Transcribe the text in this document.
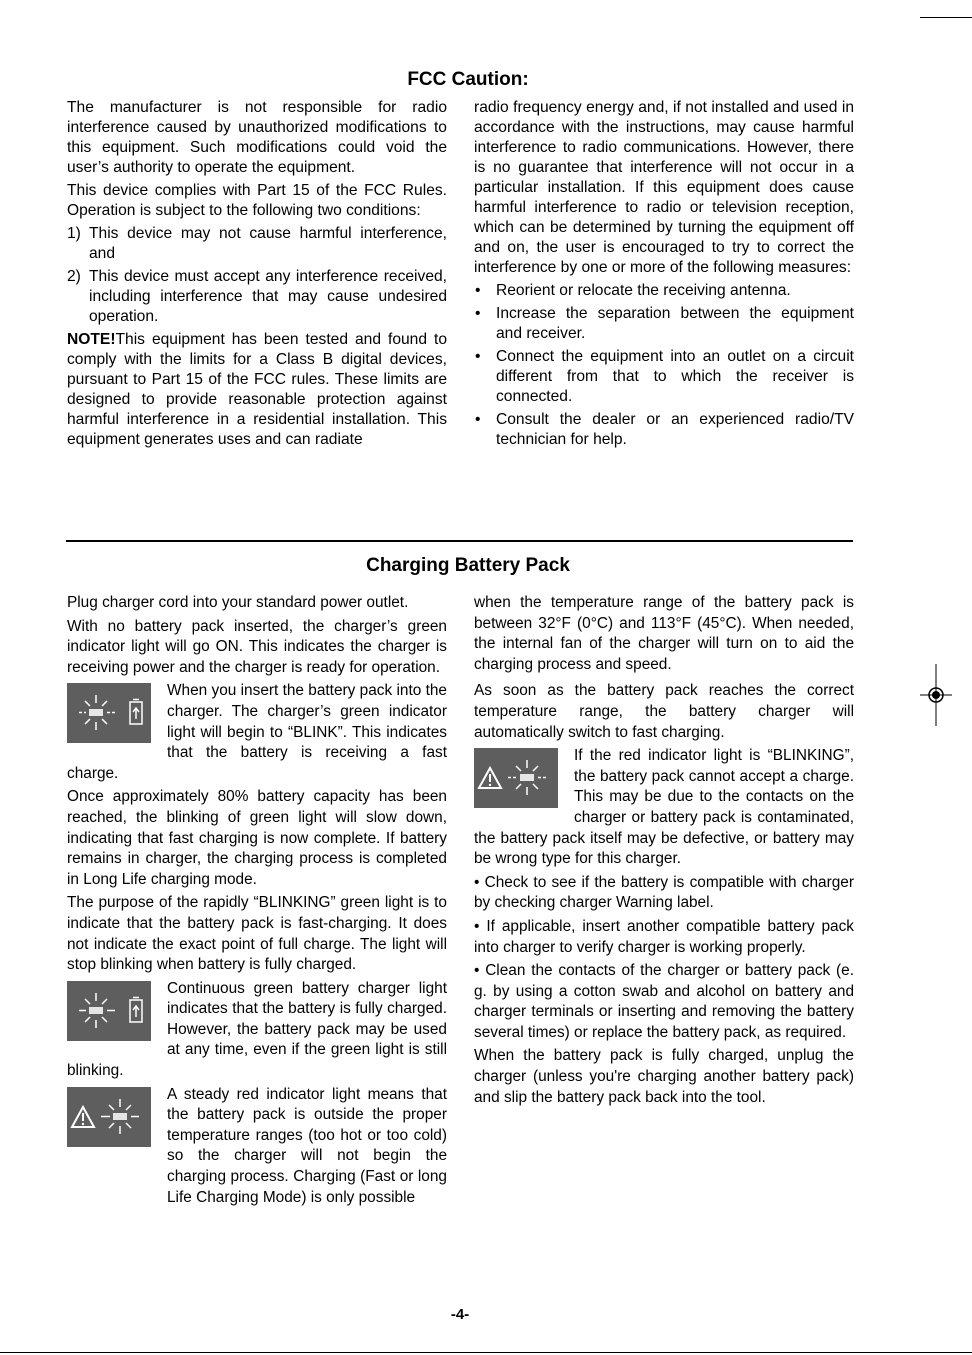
FCC Caution:

The manufacturer is not responsible for radio interference caused by unauthorized modifications to this equipment. Such modifications could void the user’s authority to operate the equipment.

This device complies with Part 15 of the FCC Rules. Operation is subject to the following two conditions:

1) This device may not cause harmful interference, and
2) This device must accept any interference received, including interference that may cause undesired operation.

NOTE!This equipment has been tested and found to comply with the limits for a Class B digital devices, pursuant to Part 15 of the FCC rules. These limits are designed to provide reasonable protection against harmful interference in a residential installation. This equipment generates uses and can radiate

radio frequency energy and, if not installed and used in accordance with the instructions, may cause harmful interference to radio communications. However, there is no guarantee that interference will not occur in a particular installation. If this equipment does cause harmful interference to radio or television reception, which can be determined by turning the equipment off and on, the user is encouraged to try to correct the interference by one or more of the following measures:

• Reorient or relocate the receiving antenna.
• Increase the separation between the equipment and receiver.
• Connect the equipment into an outlet on a circuit different from that to which the receiver is connected.
• Consult the dealer or an experienced radio/TV technician for help.
Charging Battery Pack

Plug charger cord into your standard power outlet.

With no battery pack inserted, the charger’s green indicator light will go ON. This indicates the charger is receiving power and the charger is ready for operation.

When you insert the battery pack into the charger. The charger’s green indicator light will begin to “BLINK”. This indicates that the battery is receiving a fast charge.

Once approximately 80% battery capacity has been reached, the blinking of green light will slow down, indicating that fast charging is now complete. If battery remains in charger, the charging process is completed in Long Life charging mode.

The purpose of the rapidly “BLINKING” green light is to indicate that the battery pack is fast-charging. It does not indicate the exact point of full charge. The light will stop blinking when battery is fully charged.

Continuous green battery charger light indicates that the battery is fully charged. However, the battery pack may be used at any time, even if the green light is still blinking.

A steady red indicator light means that the battery pack is outside the proper temperature ranges (too hot or too cold) so the charger will not begin the charging process. Charging (Fast or long Life Charging Mode) is only possible

when the temperature range of the battery pack is between 32°F (0°C) and 113°F (45°C). When needed, the internal fan of the charger will turn on to aid the charging process and speed.

As soon as the battery pack reaches the correct temperature range, the battery charger will automatically switch to fast charging.

If the red indicator light is “BLINKING”, the battery pack cannot accept a charge. This may be due to the contacts on the charger or battery pack is contaminated, the battery pack itself may be defective, or battery may be wrong type for this charger.

• Check to see if the battery is compatible with charger by checking charger Warning label.

• If applicable, insert another compatible battery pack into charger to verify charger is working properly.

• Clean the contacts of the charger or battery pack (e. g. by using a cotton swab and alcohol on battery and charger terminals or inserting and removing the battery several times) or replace the battery pack, as required.

When the battery pack is fully charged, unplug the charger (unless you're charging another battery pack) and slip the battery pack back into the tool.

-4-
